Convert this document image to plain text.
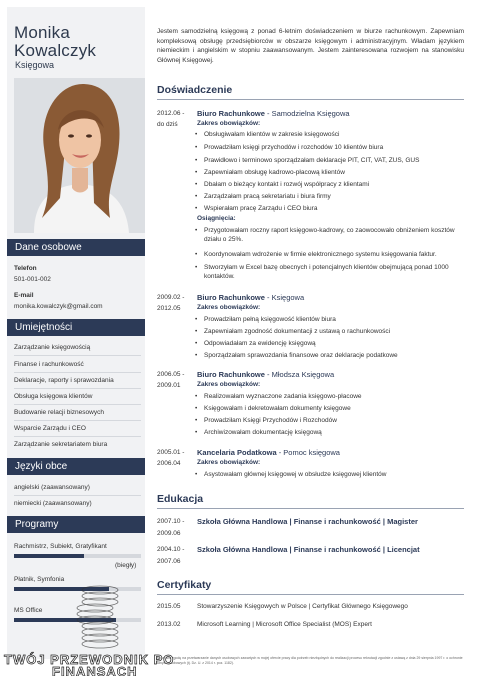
Monika
Kowalczyk
Księgowa
Dane osobowe
Telefon
501-001-002
E-mail
monika.kowalczyk@gmail.com
Umiejętności
Zarządzanie księgowością
Finanse i rachunkowość
Deklaracje, raporty i sprawozdania
Obsługa księgowa klientów
Budowanie relacji biznesowych
Wsparcie Zarządu i CEO
Zarządzanie sekretariatem biura
Języki obce
angielski (zaawansowany)
niemiecki (zaawansowany)
Programy
Rachmistrz, Subiekt, Gratyfikant
(biegły)
Płatnik, Symfonia
MS Office
Jestem samodzielną księgową z ponad 6-letnim doświadczeniem w biurze rachunkowym. Zapewniam kompleksową obsługę przedsiębiorców w obszarze księgowym i administracyjnym. Władam językiem niemieckim i angielskim w stopniu zaawansowanym. Jestem zainteresowana rozwojem na stanowisku Głównej Księgowej.
Doświadczenie
2012.06 -
do dziś
Biuro Rachunkowe - Samodzielna Księgowa
Zakres obowiązków:
• Obsługiwałam klientów w zakresie księgowości
• Prowadziłam księgi przychodów i rozchodów 10 klientów biura
• Prawidłowo i terminowo sporządzałam deklaracje PIT, CIT, VAT, ZUS, GUS
• Zapewniałam obsługę kadrowo-płacową klientów
• Dbałam o bieżący kontakt i rozwój współpracy z klientami
• Zarządzałam pracą sekretariatu i biura firmy
• Wspierałam pracę Zarządu i CEO biura
Osiągnięcia:
• Przygotowałam roczny raport księgowo-kadrowy, co zaowocowało obniżeniem kosztów działu o 25%.
• Koordynowałam wdrożenie w firmie elektronicznego systemu księgowania faktur.
• Stworzyłam w Excel bazę obecnych i potencjalnych klientów obejmującą ponad 1000 kontaktów.
2009.02 -
2012.05
Biuro Rachunkowe - Księgowa
Zakres obowiązków:
• Prowadziłam pełną księgowość klientów biura
• Zapewniałam zgodność dokumentacji z ustawą o rachunkowości
• Odpowiadałam za ewidencję księgową
• Sporządzałam sprawozdania finansowe oraz deklaracje podatkowe
2006.05 -
2009.01
Biuro Rachunkowe - Młodsza Księgowa
Zakres obowiązków:
• Realizowałam wyznaczone zadania księgowo-płacowe
• Księgowałam i dekretowałam dokumenty księgowe
• Prowadziłam Księgi Przychodów i Rozchodów
• Archiwizowałam dokumentację księgową
2005.01 -
2006.04
Kancelaria Podatkowa - Pomoc księgowa
Zakres obowiązków:
• Asystowałam głównej księgowej w obsłudze księgowej klientów
Edukacja
2007.10 -
2009.06
Szkoła Główna Handlowa | Finanse i rachunkowość | Magister
2004.10 -
2007.06
Szkoła Główna Handlowa | Finanse i rachunkowość | Licencjat
Certyfikaty
2015.05	Stowarzyszenie Księgowych w Polsce | Certyfikat Głównego Księgowego
2013.02	Microsoft Learning | Microsoft Office Specialist (MOS) Expert
Wyrażam zgodę na przetwarzanie danych osobowych zawartych w mojej ofercie pracy dla potrzeb niezbędnych do realizacji procesu rekrutacji zgodnie z ustawą z dnia 29 sierpnia 1997 r. o ochronie danych osobowych (tj. Dz. U. z 2014 r. poz. 1182).
TWÓJ PRZEWODNIK PO
FINANSACH
